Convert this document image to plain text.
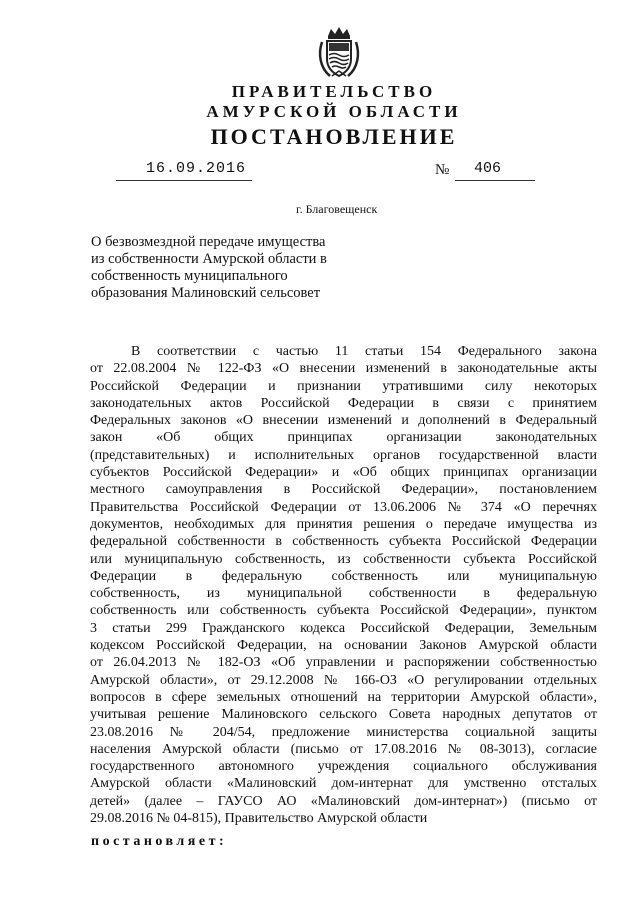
ПРАВИТЕЛЬСТВО
АМУРСКОЙ ОБЛАСТИ
ПОСТАНОВЛЕНИЕ
16.09.2016	№ 406
г. Благовещенск
О безвозмездной передаче имущества
из собственности Амурской области в
собственность муниципального
образования Малиновский сельсовет
В соответствии с частью 11 статьи 154 Федерального закона
от 22.08.2004 № 122-ФЗ «О внесении изменений в законодательные акты
Российской Федерации и признании утратившими силу некоторых
законодательных актов Российской Федерации в связи с принятием
Федеральных законов «О внесении изменений и дополнений в Федеральный
закон «Об общих принципах организации законодательных
(представительных) и исполнительных органов государственной власти
субъектов Российской Федерации» и «Об общих принципах организации
местного самоуправления в Российской Федерации», постановлением
Правительства Российской Федерации от 13.06.2006 № 374 «О перечнях
документов, необходимых для принятия решения о передаче имущества из
федеральной собственности в собственность субъекта Российской Федерации
или муниципальную собственность, из собственности субъекта Российской
Федерации в федеральную собственность или муниципальную
собственность, из муниципальной собственности в федеральную
собственность или собственность субъекта Российской Федерации», пунктом
3 статьи 299 Гражданского кодекса Российской Федерации, Земельным
кодексом Российской Федерации, на основании Законов Амурской области
от 26.04.2013 № 182-ОЗ «Об управлении и распоряжении собственностью
Амурской области», от 29.12.2008 № 166-ОЗ «О регулировании отдельных
вопросов в сфере земельных отношений на территории Амурской области»,
учитывая решение Малиновского сельского Совета народных депутатов от
23.08.2016 № 204/54, предложение министерства социальной защиты
населения Амурской области (письмо от 17.08.2016 № 08-3013), согласие
государственного автономного учреждения социального обслуживания
Амурской области «Малиновский дом-интернат для умственно отсталых
детей» (далее – ГАУСО АО «Малиновский дом-интернат») (письмо от
29.08.2016 № 04-815), Правительство Амурской области
постановляет:
